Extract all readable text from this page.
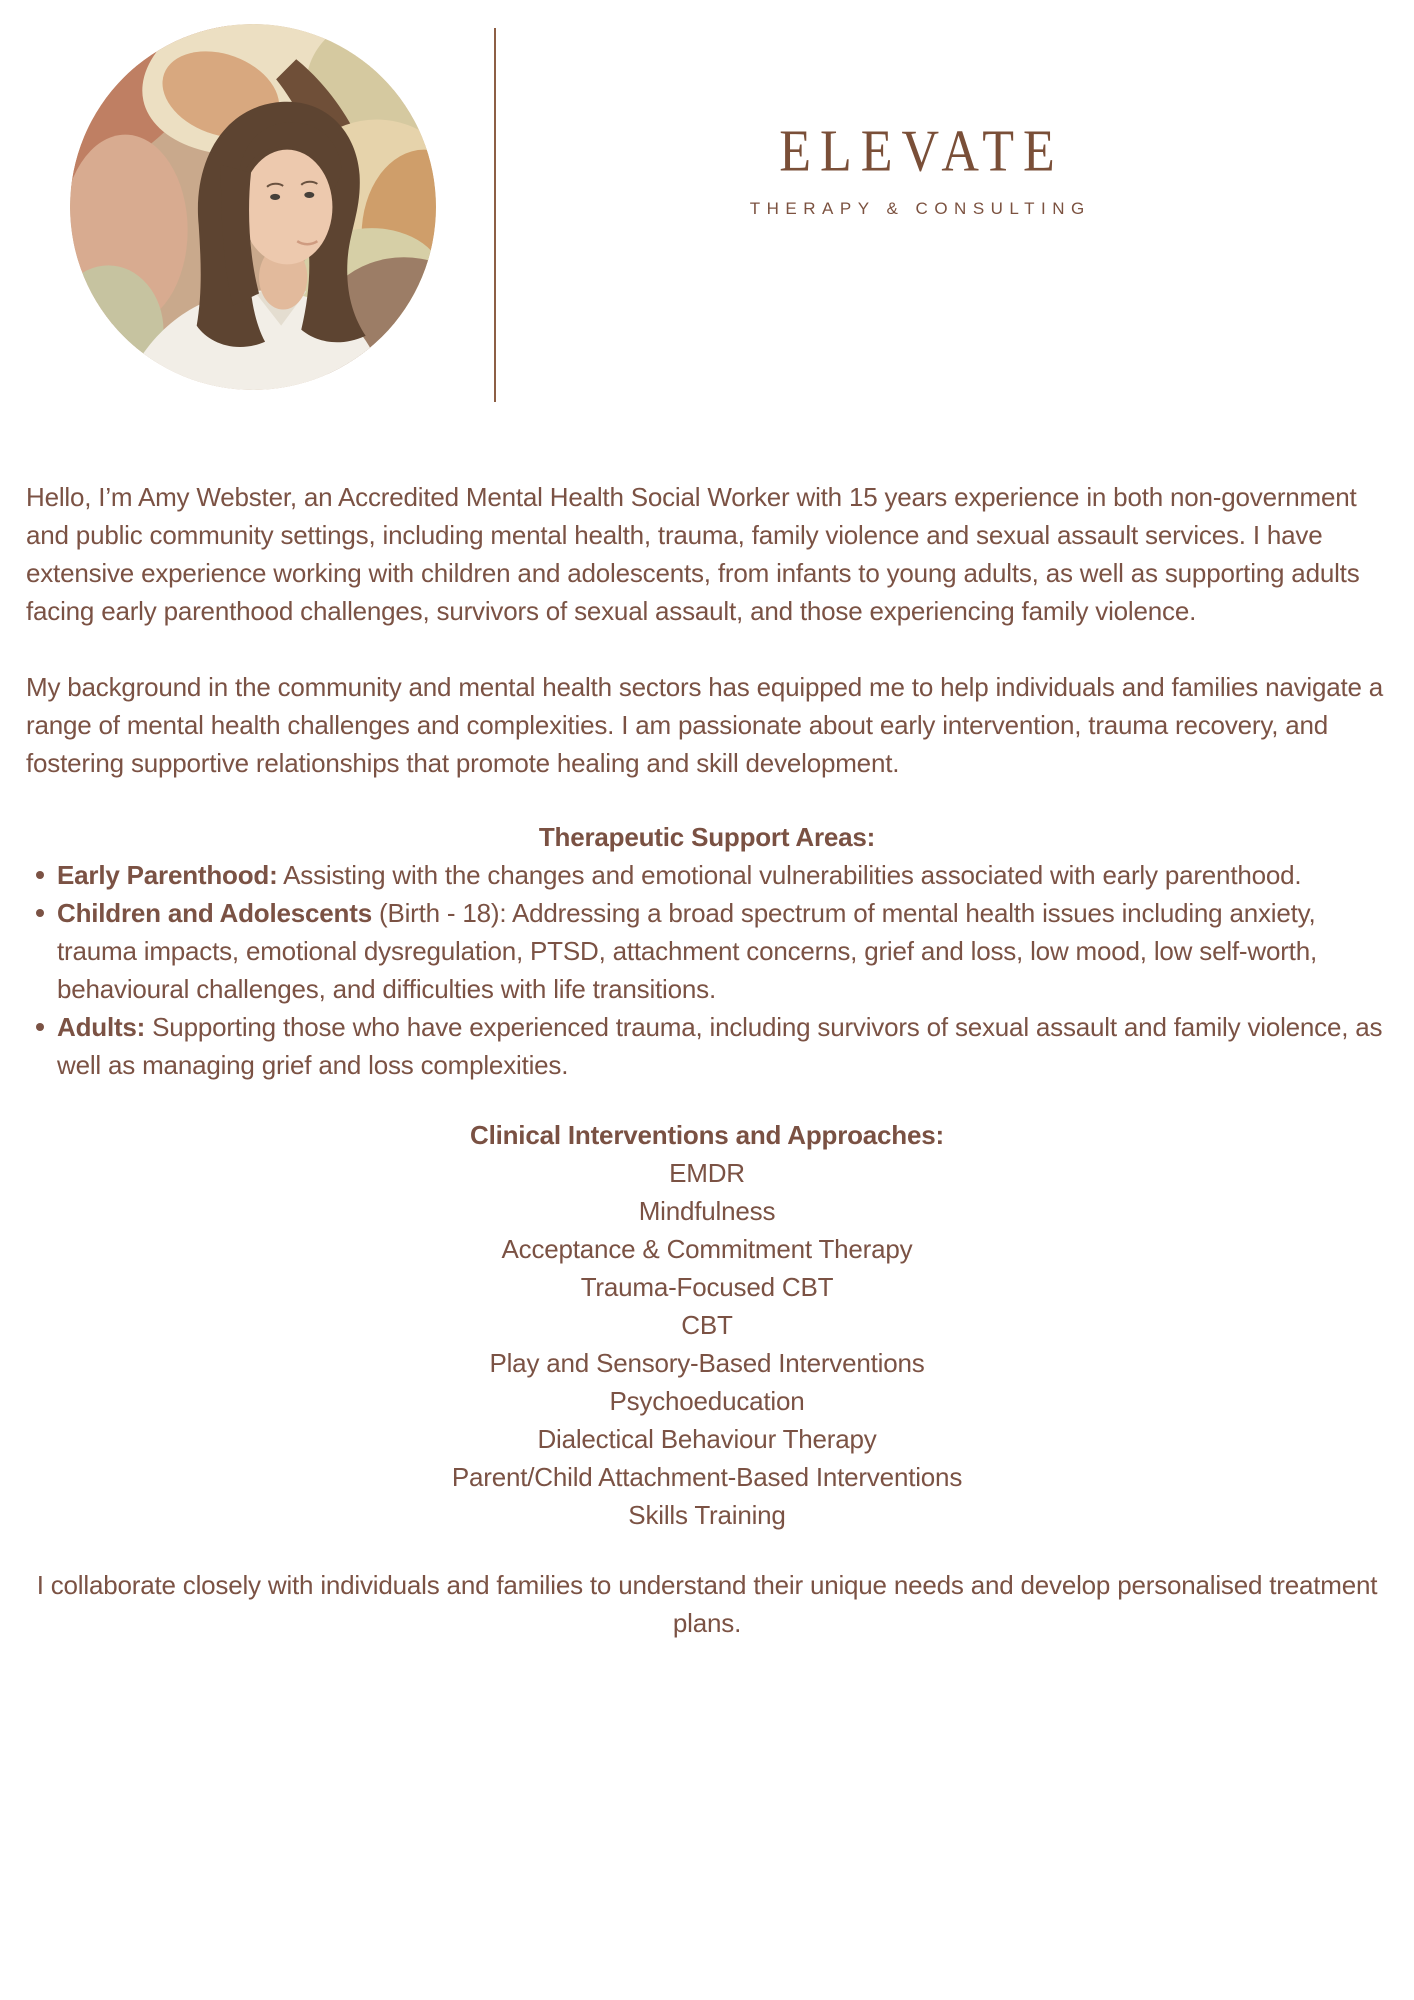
ELEVATE
THERAPY & CONSULTING

Hello, I’m Amy Webster, an Accredited Mental Health Social Worker with 15 years experience in both non-government and public community settings, including mental health, trauma, family violence and sexual assault services. I have extensive experience working with children and adolescents, from infants to young adults, as well as supporting adults facing early parenthood challenges, survivors of sexual assault, and those experiencing family violence.

My background in the community and mental health sectors has equipped me to help individuals and families navigate a range of mental health challenges and complexities. I am passionate about early intervention, trauma recovery, and fostering supportive relationships that promote healing and skill development.

Therapeutic Support Areas:
Early Parenthood: Assisting with the changes and emotional vulnerabilities associated with early parenthood.
Children and Adolescents (Birth - 18): Addressing a broad spectrum of mental health issues including anxiety, trauma impacts, emotional dysregulation, PTSD, attachment concerns, grief and loss, low mood, low self-worth, behavioural challenges, and difficulties with life transitions.
Adults: Supporting those who have experienced trauma, including survivors of sexual assault and family violence, as well as managing grief and loss complexities.
Clinical Interventions and Approaches:
EMDR
Mindfulness
Acceptance & Commitment Therapy
Trauma-Focused CBT
CBT
Play and Sensory-Based Interventions
Psychoeducation
Dialectical Behaviour Therapy
Parent/Child Attachment-Based Interventions
Skills Training

I collaborate closely with individuals and families to understand their unique needs and develop personalised treatment plans.
